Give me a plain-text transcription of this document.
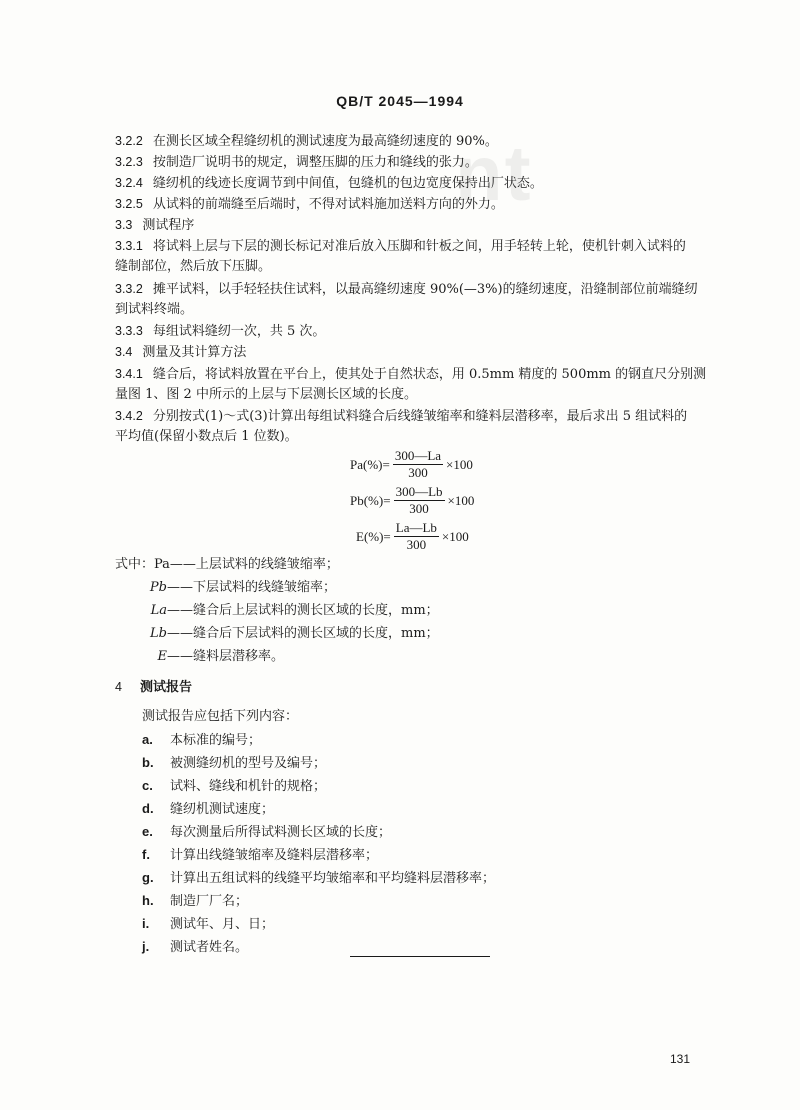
nt
QB/T 2045—1994
3.2.2 在测长区域全程缝纫机的测试速度为最高缝纫速度的 90%。
3.2.3 按制造厂说明书的规定，调整压脚的压力和缝线的张力。
3.2.4 缝纫机的线迹长度调节到中间值，包缝机的包边宽度保持出厂状态。
3.2.5 从试料的前端缝至后端时，不得对试料施加送料方向的外力。
3.3 测试程序
3.3.1 将试料上层与下层的测长标记对准后放入压脚和针板之间，用手轻转上轮，使机针刺入试料的
缝制部位，然后放下压脚。
3.3.2 摊平试料，以手轻轻扶住试料，以最高缝纫速度 90%(—3%)的缝纫速度，沿缝制部位前端缝纫
到试料终端。
3.3.3 每组试料缝纫一次，共 5 次。
3.4 测量及其计算方法
3.4.1 缝合后，将试料放置在平台上，使其处于自然状态，用 0.5mm 精度的 500mm 的钢直尺分别测
量图 1、图 2 中所示的上层与下层测长区域的长度。
3.4.2 分别按式(1)～式(3)计算出每组试料缝合后线缝皱缩率和缝料层潜移率，最后求出 5 组试料的
平均值(保留小数点后 1 位数)。
$Pa(\%)= \frac{300—La}{300} \times 100$
$Pb(\%)= \frac{300—Lb}{300} \times 100$
$E(\%)= \frac{La—Lb}{300} \times 100$
式中：Pa——上层试料的线缝皱缩率；
Pb——下层试料的线缝皱缩率；
La——缝合后上层试料的测长区域的长度，mm；
Lb——缝合后下层试料的测长区域的长度，mm；
E——缝料层潜移率。
4 测试报告
测试报告应包括下列内容：
a. 本标准的编号；
b. 被测缝纫机的型号及编号；
c. 试料、缝线和机针的规格；
d. 缝纫机测试速度；
e. 每次测量后所得试料测长区域的长度；
f. 计算出线缝皱缩率及缝料层潜移率；
g. 计算出五组试料的线缝平均皱缩率和平均缝料层潜移率；
h. 制造厂厂名；
i. 测试年、月、日；
j. 测试者姓名。
131
